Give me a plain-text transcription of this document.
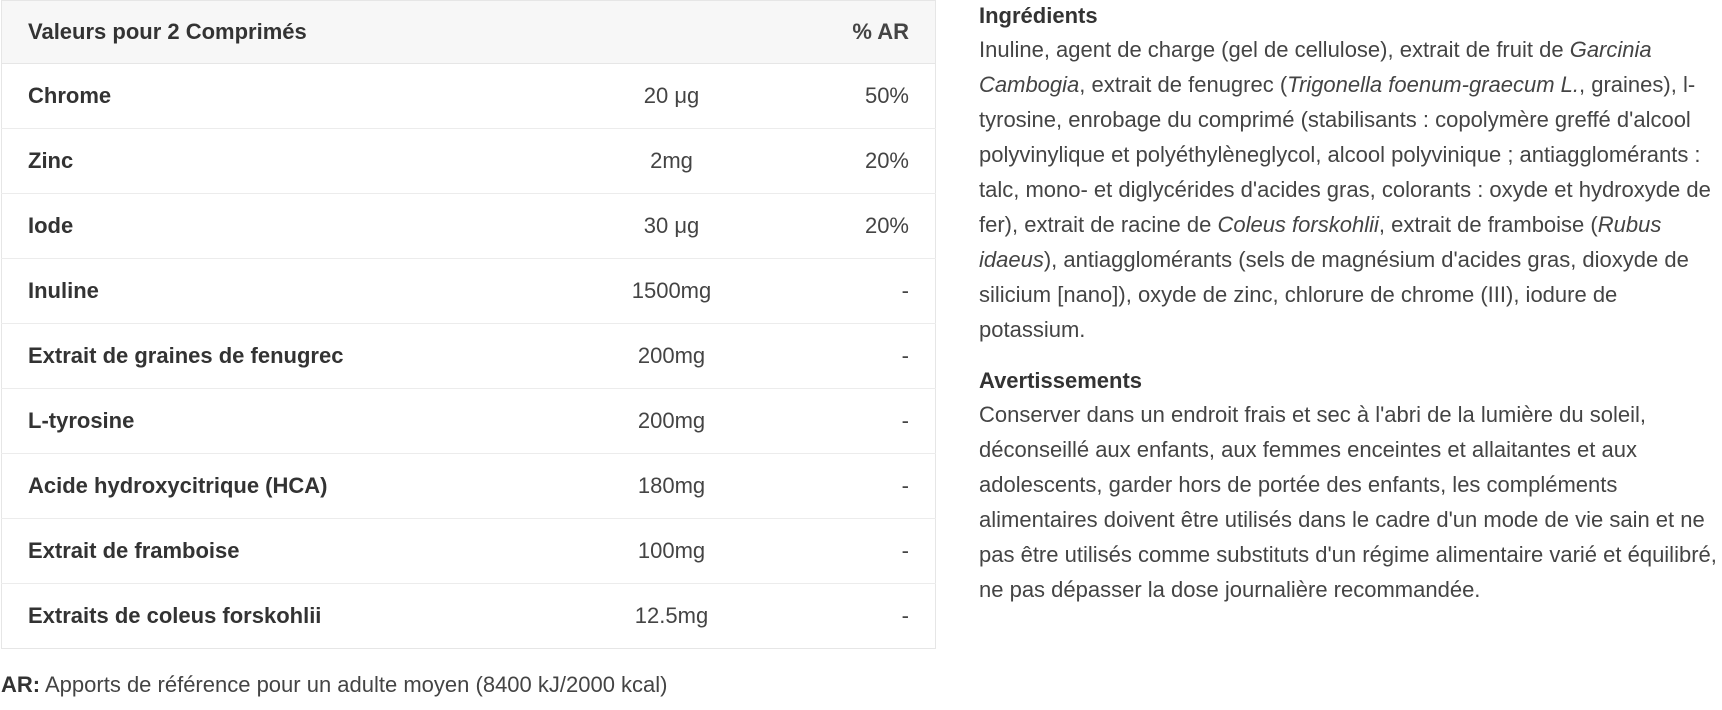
Valeurs pour 2 Comprimés		% AR
Chrome	20 μg	50%
Zinc	2mg	20%
Iode	30 μg	20%
Inuline	1500mg	-
Extrait de graines de fenugrec	200mg	-
L-tyrosine	200mg	-
Acide hydroxycitrique (HCA)	180mg	-
Extrait de framboise	100mg	-
Extraits de coleus forskohlii	12.5mg	-
AR: Apports de référence pour un adulte moyen (8400 kJ/2000 kcal)

Ingrédients

Inuline, agent de charge (gel de cellulose), extrait de fruit de Garcinia Cambogia, extrait de fenugrec (Trigonella foenum-graecum L., graines), l-tyrosine, enrobage du comprimé (stabilisants : copolymère greffé d'alcool polyvinylique et polyéthylèneglycol, alcool polyvinique ; antiagglomérants : talc, mono- et diglycérides d'acides gras, colorants : oxyde et hydroxyde de fer), extrait de racine de Coleus forskohlii, extrait de framboise (Rubus idaeus), antiagglomérants (sels de magnésium d'acides gras, dioxyde de silicium [nano]), oxyde de zinc, chlorure de chrome (III), iodure de potassium.

Avertissements

Conserver dans un endroit frais et sec à l'abri de la lumière du soleil, déconseillé aux enfants, aux femmes enceintes et allaitantes et aux adolescents, garder hors de portée des enfants, les compléments alimentaires doivent être utilisés dans le cadre d'un mode de vie sain et ne pas être utilisés comme substituts d'un régime alimentaire varié et équilibré, ne pas dépasser la dose journalière recommandée.
